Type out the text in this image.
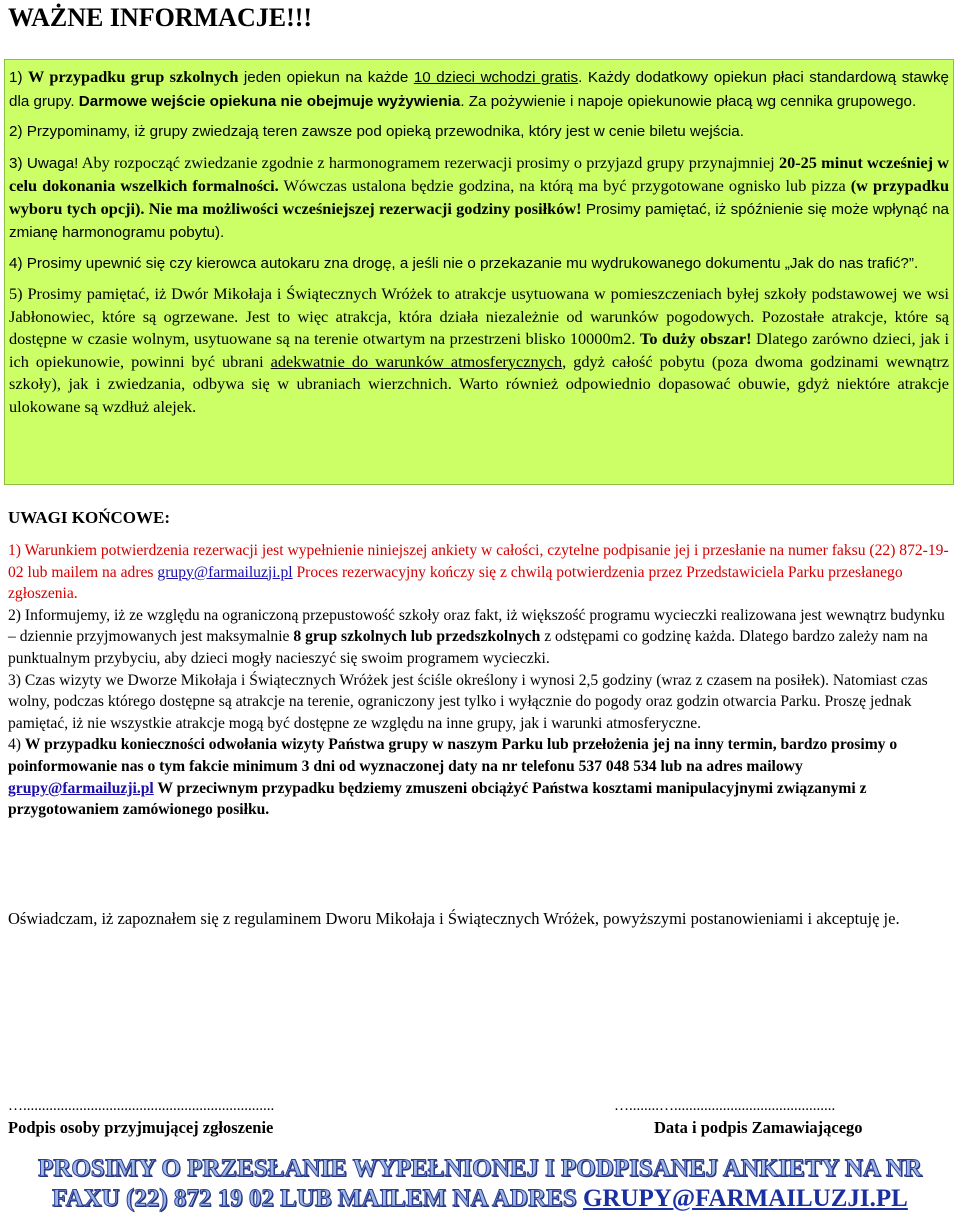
WAŻNE INFORMACJE!!!

1) W przypadku grup szkolnych jeden opiekun na każde 10 dzieci wchodzi gratis. Każdy dodatkowy opiekun płaci standardową stawkę dla grupy. Darmowe wejście opiekuna nie obejmuje wyżywienia. Za pożywienie i napoje opiekunowie płacą wg cennika grupowego.

2) Przypominamy, iż grupy zwiedzają teren zawsze pod opieką przewodnika, który jest w cenie biletu wejścia.

3) Uwaga! Aby rozpocząć zwiedzanie zgodnie z harmonogramem rezerwacji prosimy o przyjazd grupy przynajmniej 20-25 minut wcześniej w celu dokonania wszelkich formalności. Wówczas ustalona będzie godzina, na którą ma być przygotowane ognisko lub pizza (w przypadku wyboru tych opcji). Nie ma możliwości wcześniejszej rezerwacji godziny posiłków! Prosimy pamiętać, iż spóźnienie się może wpłynąć na zmianę harmonogramu pobytu).

4) Prosimy upewnić się czy kierowca autokaru zna drogę, a jeśli nie o przekazanie mu wydrukowanego dokumentu „Jak do nas trafić?”.

5) Prosimy pamiętać, iż Dwór Mikołaja i Świątecznych Wróżek to atrakcje usytuowana w pomieszczeniach byłej szkoły podstawowej we wsi Jabłonowiec, które są ogrzewane. Jest to więc atrakcja, która działa niezależnie od warunków pogodowych. Pozostałe atrakcje, które są dostępne w czasie wolnym, usytuowane są na terenie otwartym na przestrzeni blisko 10000m2. To duży obszar! Dlatego zarówno dzieci, jak i ich opiekunowie, powinni być ubrani adekwatnie do warunków atmosferycznych, gdyż całość pobytu (poza dwoma godzinami wewnątrz szkoły), jak i zwiedzania, odbywa się w ubraniach wierzchnich. Warto również odpowiednio dopasować obuwie, gdyż niektóre atrakcje ulokowane są wzdłuż alejek.

UWAGI KOŃCOWE:

1) Warunkiem potwierdzenia rezerwacji jest wypełnienie niniejszej ankiety w całości, czytelne podpisanie jej i przesłanie na numer faksu (22) 872-19-02 lub mailem na adres grupy@farmailuzji.pl Proces rezerwacyjny kończy się z chwilą potwierdzenia przez Przedstawiciela Parku przesłanego zgłoszenia.

2) Informujemy, iż ze względu na ograniczoną przepustowość szkoły oraz fakt, iż większość programu wycieczki realizowana jest wewnątrz budynku – dziennie przyjmowanych jest maksymalnie 8 grup szkolnych lub przedszkolnych z odstępami co godzinę każda. Dlatego bardzo zależy nam na punktualnym przybyciu, aby dzieci mogły nacieszyć się swoim programem wycieczki.

3) Czas wizyty we Dworze Mikołaja i Świątecznych Wróżek jest ściśle określony i wynosi 2,5 godziny (wraz z czasem na posiłek). Natomiast czas wolny, podczas którego dostępne są atrakcje na terenie, ograniczony jest tylko i wyłącznie do pogody oraz godzin otwarcia Parku. Proszę jednak pamiętać, iż nie wszystkie atrakcje mogą być dostępne ze względu na inne grupy, jak i warunki atmosferyczne.

4) W przypadku konieczności odwołania wizyty Państwa grupy w naszym Parku lub przełożenia jej na inny termin, bardzo prosimy o poinformowanie nas o tym fakcie minimum 3 dni od wyznaczonej daty na nr telefonu 537 048 534 lub na adres mailowy grupy@farmailuzji.pl W przeciwnym przypadku będziemy zmuszeni obciążyć Państwa kosztami manipulacyjnymi związanymi z przygotowaniem zamówionego posiłku.

Oświadczam, iż zapoznałem się z regulaminem Dworu Mikołaja i Świątecznych Wróżek, powyższymi postanowieniami i akceptuję je.

…...................................................................	…........…...........................................

Podpis osoby przyjmującej zgłoszenie	Data i podpis Zamawiającego

PROSIMY O PRZESŁANIE WYPEŁNIONEJ I PODPISANEJ ANKIETY NA NR
FAXU (22) 872 19 02 LUB MAILEM NA ADRES GRUPY@FARMAILUZJI.PL
